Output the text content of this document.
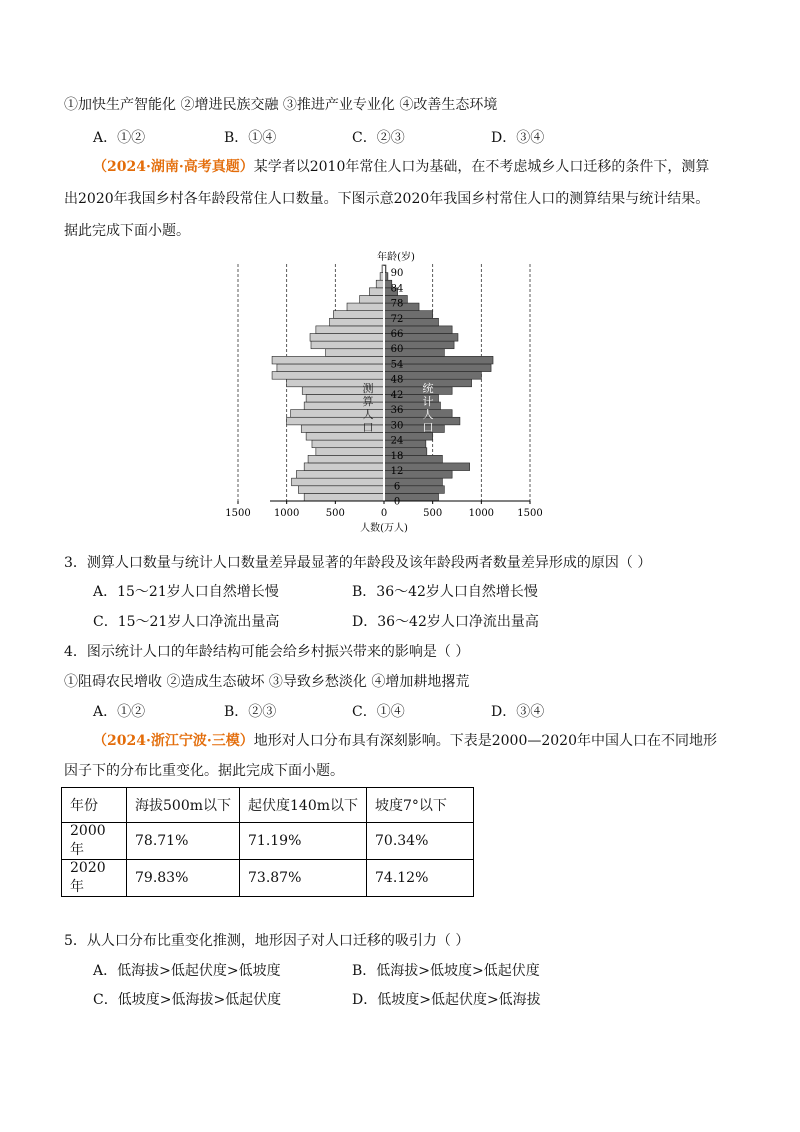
①加快生产智能化 ②增进民族交融 ③推进产业专业化 ④改善生态环境
A．①②	B．①④	C．②③	D．③④
（2024·湖南·高考真题）某学者以2010年常住人口为基础，在不考虑城乡人口迁移的条件下，测算
出2020年我国乡村各年龄段常住人口数量。下图示意2020年我国乡村常住人口的测算结果与统计结果。
据此完成下面小题。
1500 1000	500	0	500	1000 1500
0
6
12
18
24
30
36
42
48
54
60
66
72
78
84
90
年龄(岁)
人数(万人)
测
算
人
口
统
计
人
口
3．测算人口数量与统计人口数量差异最显著的年龄段及该年龄段两者数量差异形成的原因（ ）
A．15～21岁人口自然增长慢	B．36～42岁人口自然增长慢
C．15～21岁人口净流出量高	D．36～42岁人口净流出量高
4．图示统计人口的年龄结构可能会给乡村振兴带来的影响是（ ）
①阻碍农民增收 ②造成生态破坏 ③导致乡愁淡化 ④增加耕地撂荒
A．①②	B．②③	C．①④	D．③④
（2024·浙江宁波·三模）地形对人口分布具有深刻影响。下表是2000—2020年中国人口在不同地形
因子下的分布比重变化。据此完成下面小题。
年份	海拔500m以下	起伏度140m以下	坡度7°以下
2000年	78.71%	71.19%	70.34%
2020年	79.83%	73.87%	74.12%
5．从人口分布比重变化推测，地形因子对人口迁移的吸引力（ ）
A．低海拔>低起伏度>低坡度	B．低海拔>低坡度>低起伏度
C．低坡度>低海拔>低起伏度	D．低坡度>低起伏度>低海拔
